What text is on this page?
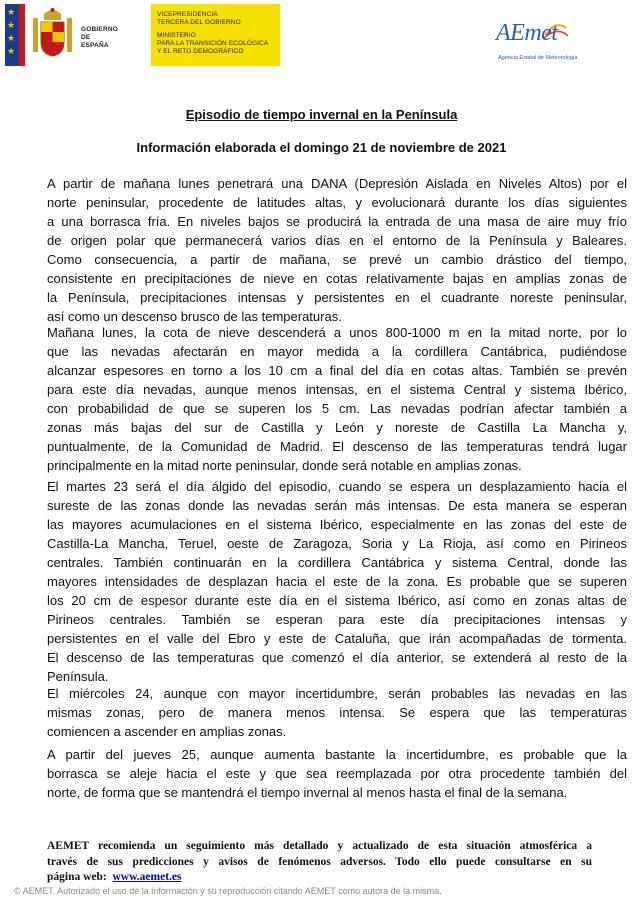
★
★
★
★
GOBIERNO
DE ESPAÑA
VICEPRESIDENCIA
TERCERA DEL GOBIERNO
MINISTERIO
PARA LA TRANSICIÓN ECOLÓGICA
Y EL RETO DEMOGRÁFICO
AEmet
Agencia Estatal de Meteorología
Episodio de tiempo invernal en la Península
Información elaborada el domingo 21 de noviembre de 2021
A partir de mañana lunes penetrará una DANA (Depresión Aislada en Niveles Altos) por el
norte peninsular, procedente de latitudes altas, y evolucionará durante los días siguientes
a una borrasca fría. En niveles bajos se producirá la entrada de una masa de aire muy frío
de origen polar que permanecerá varios días en el entorno de la Península y Baleares.
Como consecuencia, a partir de mañana, se prevé un cambio drástico del tiempo,
consistente en precipitaciones de nieve en cotas relativamente bajas en amplias zonas de
la Península, precipitaciones intensas y persistentes en el cuadrante noreste peninsular,
así como un descenso brusco de las temperaturas.
Mañana lunes, la cota de nieve descenderá a unos 800-1000 m en la mitad norte, por lo
que las nevadas afectarán en mayor medida a la cordillera Cantábrica, pudiéndose
alcanzar espesores en torno a los 10 cm a final del día en cotas altas. También se prevén
para este día nevadas, aunque menos intensas, en el sistema Central y sistema Ibérico,
con probabilidad de que se superen los 5 cm. Las nevadas podrían afectar también a
zonas más bajas del sur de Castilla y León y noreste de Castilla La Mancha y,
puntualmente, de la Comunidad de Madrid. El descenso de las temperaturas tendrá lugar
principalmente en la mitad norte peninsular, donde será notable en amplias zonas.
El martes 23 será el día álgido del episodio, cuando se espera un desplazamiento hacia el
sureste de las zonas donde las nevadas serán más intensas. De esta manera se esperan
las mayores acumulaciones en el sistema Ibérico, especialmente en las zonas del este de
Castilla-La Mancha, Teruel, oeste de Zaragoza, Soria y La Rioja, así como en Pirineos
centrales. También continuarán en la cordillera Cantábrica y sistema Central, donde las
mayores intensidades de desplazan hacia el este de la zona. Es probable que se superen
los 20 cm de espesor durante este día en el sistema Ibérico, así como en zonas altas de
Pirineos centrales. También se esperan para este día precipitaciones intensas y
persistentes en el valle del Ebro y este de Cataluña, que irán acompañadas de tormenta.
El descenso de las temperaturas que comenzó el día anterior, se extenderá al resto de la
Península.
El miércoles 24, aunque con mayor incertidumbre, serán probables las nevadas en las
mismas zonas, pero de manera menos intensa. Se espera que las temperaturas
comiencen a ascender en amplias zonas.
A partir del jueves 25, aunque aumenta bastante la incertidumbre, es probable que la
borrasca se aleje hacia el este y que sea reemplazada por otra procedente también del
norte, de forma que se mantendrá el tiempo invernal al menos hasta el final de la semana.
AEMET recomienda un seguimiento más detallado y actualizado de esta situación atmosférica a
través de sus predicciones y avisos de fenómenos adversos. Todo ello puede consultarse en su
página web: www.aemet.es
© AEMET. Autorizado el uso de la información y su reproducción citando AEMET como autora de la misma.
